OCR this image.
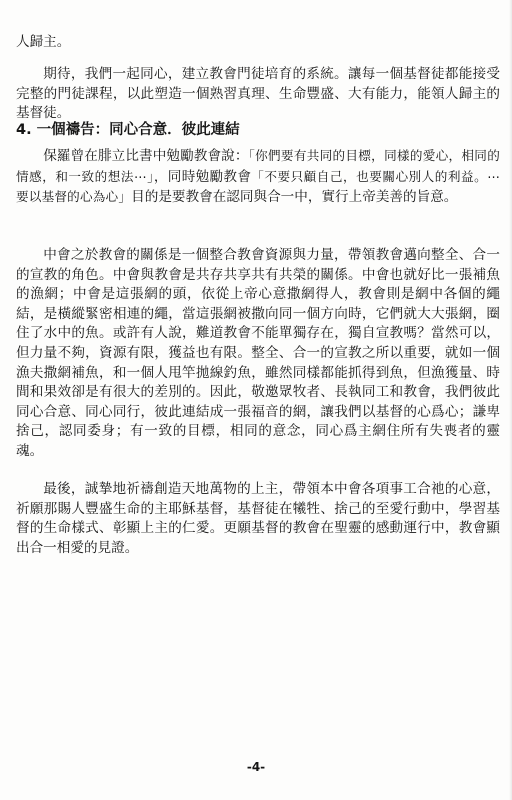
人歸主。

期待，我們一起同心，建立教會門徒培育的系統。讓每一個基督徒都能接受完整的門徒課程，以此塑造一個熟習真理、生命豐盛、大有能力，能領人歸主的基督徒。

4. 一個禱告：同心合意．彼此連結

保羅曾在腓立比書中勉勵教會說：「你們要有共同的目標，同樣的愛心，相同的情感，和一致的想法⋯」，同時勉勵教會「不要只顧自己，也要關心別人的利益。⋯要以基督的心為心」目的是要教會在認同與合一中，實行上帝美善的旨意。

中會之於教會的關係是一個整合教會資源與力量，帶領教會邁向整全、合一的宣教的角色。中會與教會是共存共享共有共榮的關係。中會也就好比一張補魚的漁網；中會是這張網的頭，依從上帝心意撒網得人，教會則是網中各個的繩結，是橫縱緊密相連的繩，當這張網被撒向同一個方向時，它們就大大張網，圈住了水中的魚。或許有人說，難道教會不能單獨存在，獨自宣教嗎？當然可以，但力量不夠，資源有限，獲益也有限。整全、合一的宣教之所以重要，就如一個漁夫撒網補魚，和一個人甩竿拋線釣魚，雖然同樣都能抓得到魚，但漁獲量、時間和果效卻是有很大的差別的。因此，敬邀眾牧者、長執同工和教會，我們彼此同心合意、同心同行，彼此連結成一張福音的網，讓我們以基督的心爲心；謙卑捨己，認同委身；有一致的目標，相同的意念，同心爲主網住所有失喪者的靈魂。

最後，誠摯地祈禱創造天地萬物的上主，帶領本中會各項事工合祂的心意，祈願那賜人豐盛生命的主耶穌基督，基督徒在犧牲、捨己的至愛行動中，學習基督的生命樣式、彰顯上主的仁愛。更願基督的教會在聖靈的感動運行中，教會顯出合一相愛的見證。

-4-
